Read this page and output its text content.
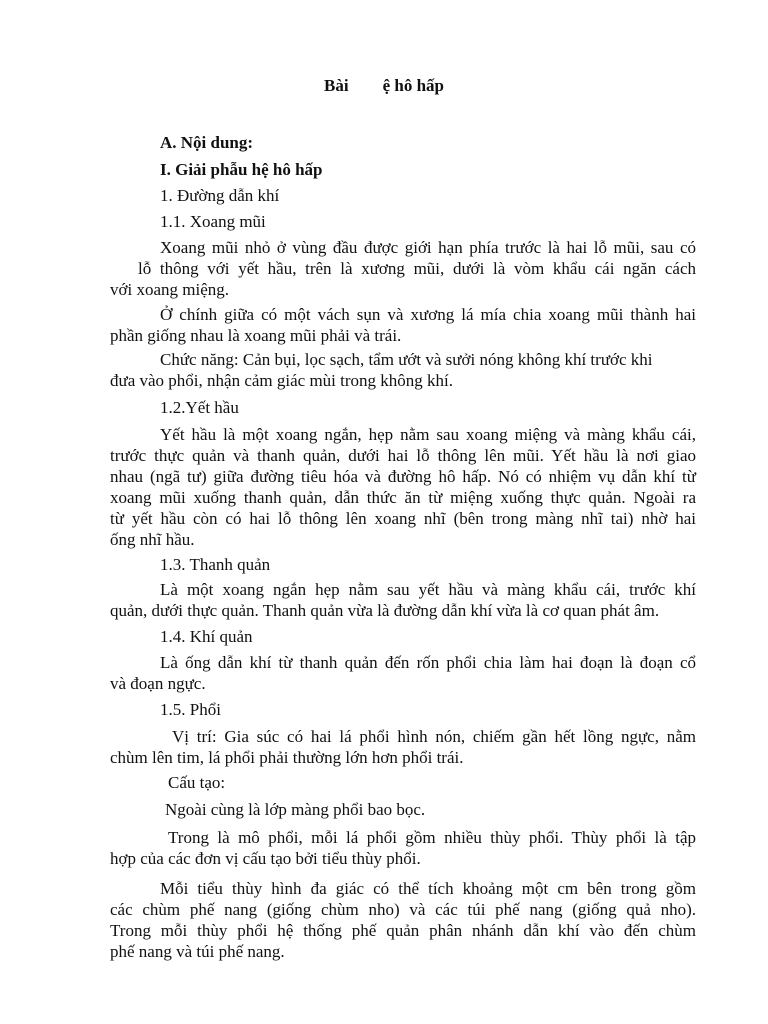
Bài ệ hô hấp
A. Nội dung:
I. Giải phẫu hệ hô hấp
1. Đường dẫn khí
1.1. Xoang mũi
Xoang mũi nhỏ ở vùng đầu được giới hạn phía trước là hai lỗ mũi, sau có
lỗ thông với yết hầu, trên là xương mũi, dưới là vòm khẩu cái ngăn cách
với xoang miệng.
Ở chính giữa có một vách sụn và xương lá mía chia xoang mũi thành hai
phần giống nhau là xoang mũi phải và trái.
Chức năng: Cản bụi, lọc sạch, tẩm ướt và sưởi nóng không khí trước khi
đưa vào phổi, nhận cảm giác mùi trong không khí.
1.2.Yết hầu
Yết hầu là một xoang ngắn, hẹp nằm sau xoang miệng và màng khẩu cái,
trước thực quản và thanh quản, dưới hai lỗ thông lên mũi. Yết hầu là nơi giao
nhau (ngã tư) giữa đường tiêu hóa và đường hô hấp. Nó có nhiệm vụ dẫn khí từ
xoang mũi xuống thanh quản, dẫn thức ăn từ miệng xuống thực quản. Ngoài ra
từ yết hầu còn có hai lỗ thông lên xoang nhĩ (bên trong màng nhĩ tai) nhờ hai
ống nhĩ hầu.
1.3. Thanh quản
Là một xoang ngắn hẹp nằm sau yết hầu và màng khẩu cái, trước khí
quản, dưới thực quản. Thanh quản vừa là đường dẫn khí vừa là cơ quan phát âm.
1.4. Khí quản
Là ống dẫn khí từ thanh quản đến rốn phổi chia làm hai đoạn là đoạn cổ
và đoạn ngực.
1.5. Phổi
Vị trí: Gia súc có hai lá phổi hình nón, chiếm gần hết lồng ngực, nằm
chùm lên tim, lá phổi phải thường lớn hơn phổi trái.
Cấu tạo:
Ngoài cùng là lớp màng phổi bao bọc.
Trong là mô phổi, mỗi lá phổi gồm nhiều thùy phổi. Thùy phổi là tập
hợp của các đơn vị cấu tạo bởi tiểu thùy phổi.
Mỗi tiểu thùy hình đa giác có thể tích khoảng một cm bên trong gồm
các chùm phế nang (giống chùm nho) và các túi phế nang (giống quả nho).
Trong mỗi thùy phổi hệ thống phế quản phân nhánh dẫn khí vào đến chùm
phế nang và túi phế nang.
